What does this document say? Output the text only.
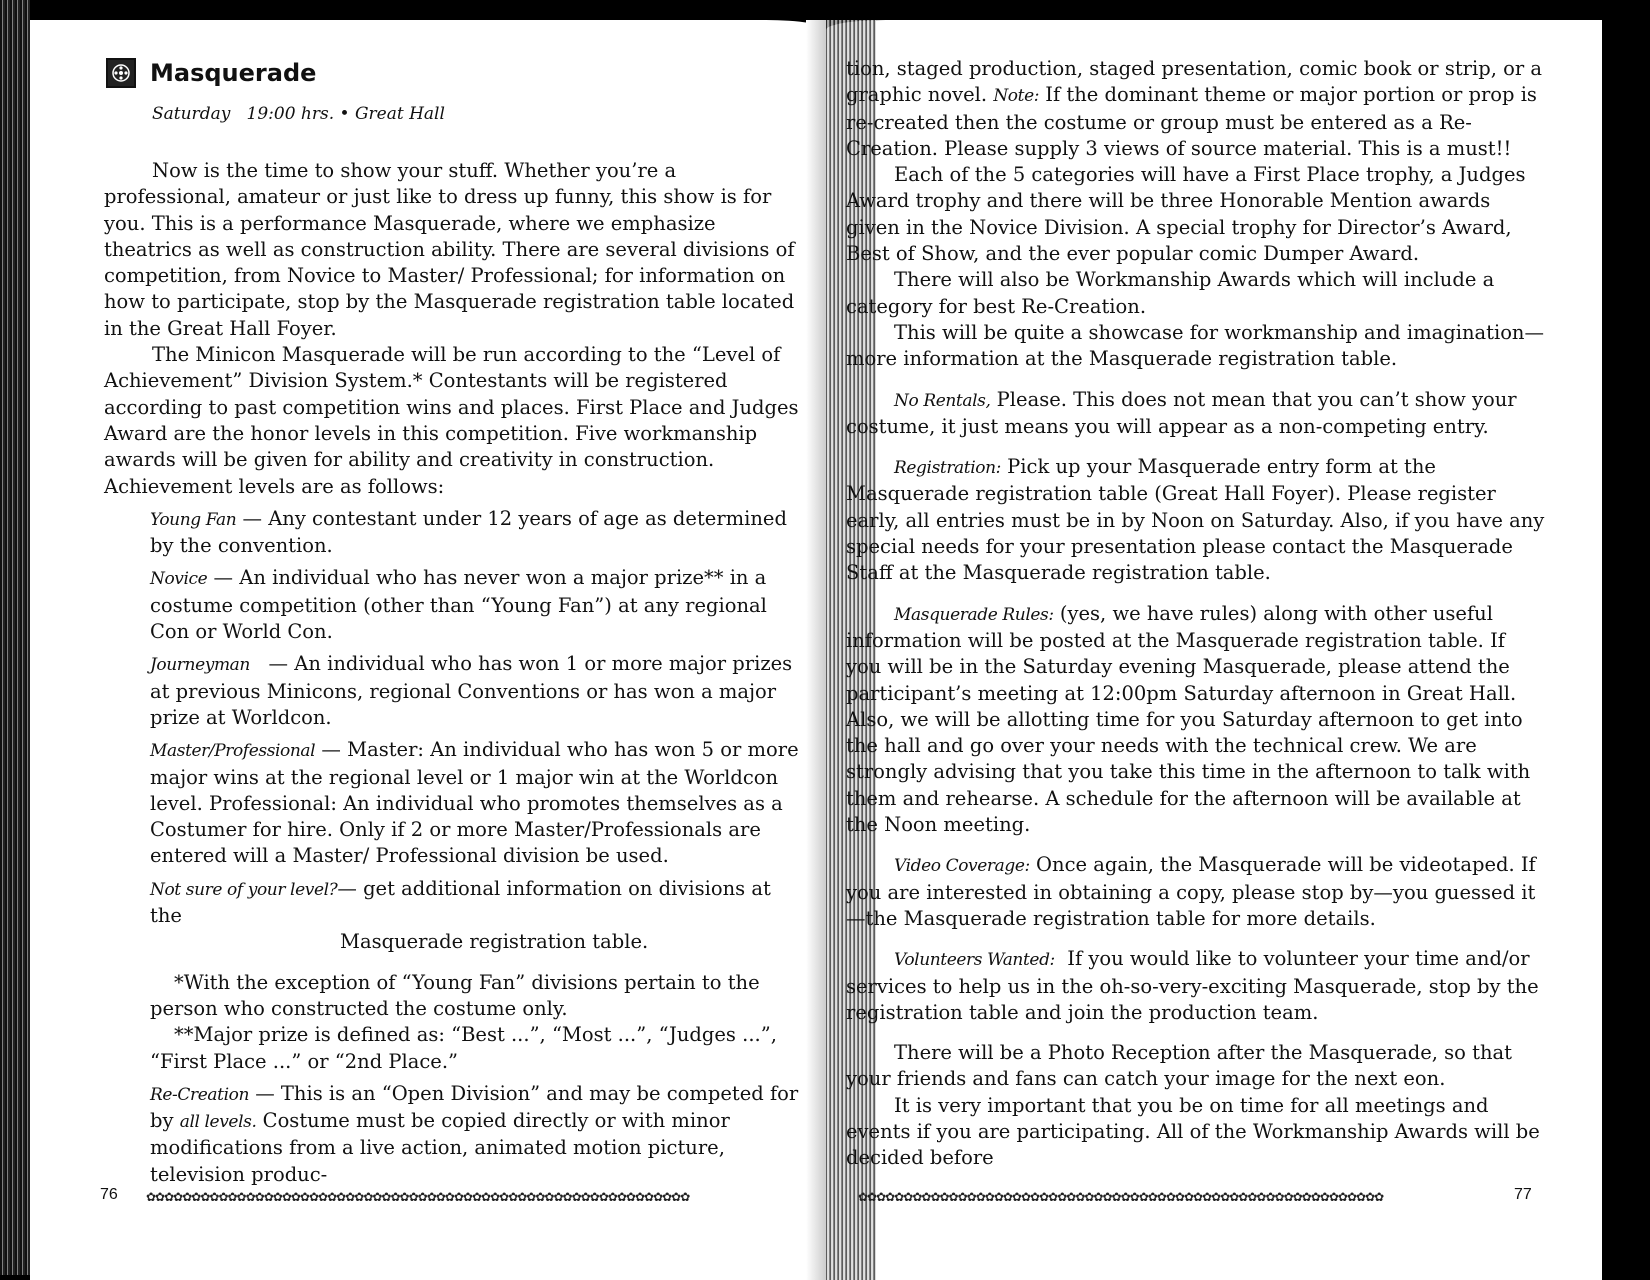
Masquerade
Saturday   19:00 hrs. • Great Hall

Now is the time to show your stuff. Whether you’re a professional, amateur or just like to dress up funny, this show is for you. This is a performance Masquerade, where we emphasize theatrics as well as construction ability. There are several divisions of competition, from Novice to Master/ Professional; for information on how to participate, stop by the Masquerade registration table located in the Great Hall Foyer.

The Minicon Masquerade will be run according to the “Level of Achievement” Division System.* Contestants will be registered according to past competition wins and places. First Place and Judges Award are the honor levels in this competition. Five workmanship awards will be given for ability and creativity in construction. Achievement levels are as follows:

Young Fan — Any contestant under 12 years of age as determined by the convention.

Novice — An individual who has never won a major prize** in a costume competition (other than “Young Fan”) at any regional Con or World Con.

Journeyman   — An individual who has won 1 or more major prizes at previous Minicons, regional Conventions or has won a major prize at Worldcon.

Master/Professional — Master: An individual who has won 5 or more major wins at the regional level or 1 major win at the Worldcon level. Professional: An individual who promotes themselves as a Costumer for hire. Only if 2 or more Master/Professionals are entered will a Master/ Professional division be used.

Not sure of your level?— get additional information on divisions at the

Masquerade registration table.

*With the exception of “Young Fan” divisions pertain to the person who constructed the costume only.

**Major prize is defined as: “Best ...”, “Most ...”, “Judges ...”, “First Place ...” or “2nd Place.”

Re-Creation — This is an “Open Division” and may be competed for by all levels. Costume must be copied directly or with minor modifications from a live action, animated motion picture, television produc-

tion, staged production, staged presentation, comic book or strip, or a graphic novel. Note: If the dominant theme or major portion or prop is re-created then the costume or group must be entered as a Re-Creation. Please supply 3 views of source material. This is a must!!

Each of the 5 categories will have a First Place trophy, a Judges Award trophy and there will be three Honorable Mention awards given in the Novice Division. A special trophy for Director’s Award, Best of Show, and the ever popular comic Dumper Award.

There will also be Workmanship Awards which will include a category for best Re-Creation.

This will be quite a showcase for workmanship and imagination—more information at the Masquerade registration table.

No Rentals, Please. This does not mean that you can’t show your costume, it just means you will appear as a non-competing entry.

Registration: Pick up your Masquerade entry form at the Masquerade registration table (Great Hall Foyer). Please register early, all entries must be in by Noon on Saturday. Also, if you have any special needs for your presentation please contact the Masquerade Staff at the Masquerade registration table.

Masquerade Rules: (yes, we have rules) along with other useful information will be posted at the Masquerade registration table. If you will be in the Saturday evening Masquerade, please attend the participant’s meeting at 12:00pm Saturday afternoon in Great Hall. Also, we will be allotting time for you Saturday afternoon to get into the hall and go over your needs with the technical crew. We are strongly advising that you take this time in the afternoon to talk with them and rehearse. A schedule for the afternoon will be available at the Noon meeting.

Video Coverage: Once again, the Masquerade will be videotaped. If you are interested in obtaining a copy, please stop by—you guessed it—the Masquerade registration table for more details.

Volunteers Wanted:  If you would like to volunteer your time and/or services to help us in the oh-so-very-exciting Masquerade, stop by the registration table and join the production team.

There will be a Photo Reception after the Masquerade, so that your friends and fans can catch your image for the next eon.

It is very important that you be on time for all meetings and events if you are participating. All of the Workmanship Awards will be decided before

76 ✿✿✿✿✿✿✿✿✿✿✿✿✿✿✿✿✿✿✿✿✿✿✿✿✿✿✿✿✿✿✿✿✿✿✿✿✿✿✿✿✿✿✿✿✿✿✿✿✿✿✿✿✿✿✿✿✿✿✿✿	✿✿✿✿✿✿✿✿✿✿✿✿✿✿✿✿✿✿✿✿✿✿✿✿✿✿✿✿✿✿✿✿✿✿✿✿✿✿✿✿✿✿✿✿✿✿✿✿✿✿✿✿✿✿✿✿✿✿	77
